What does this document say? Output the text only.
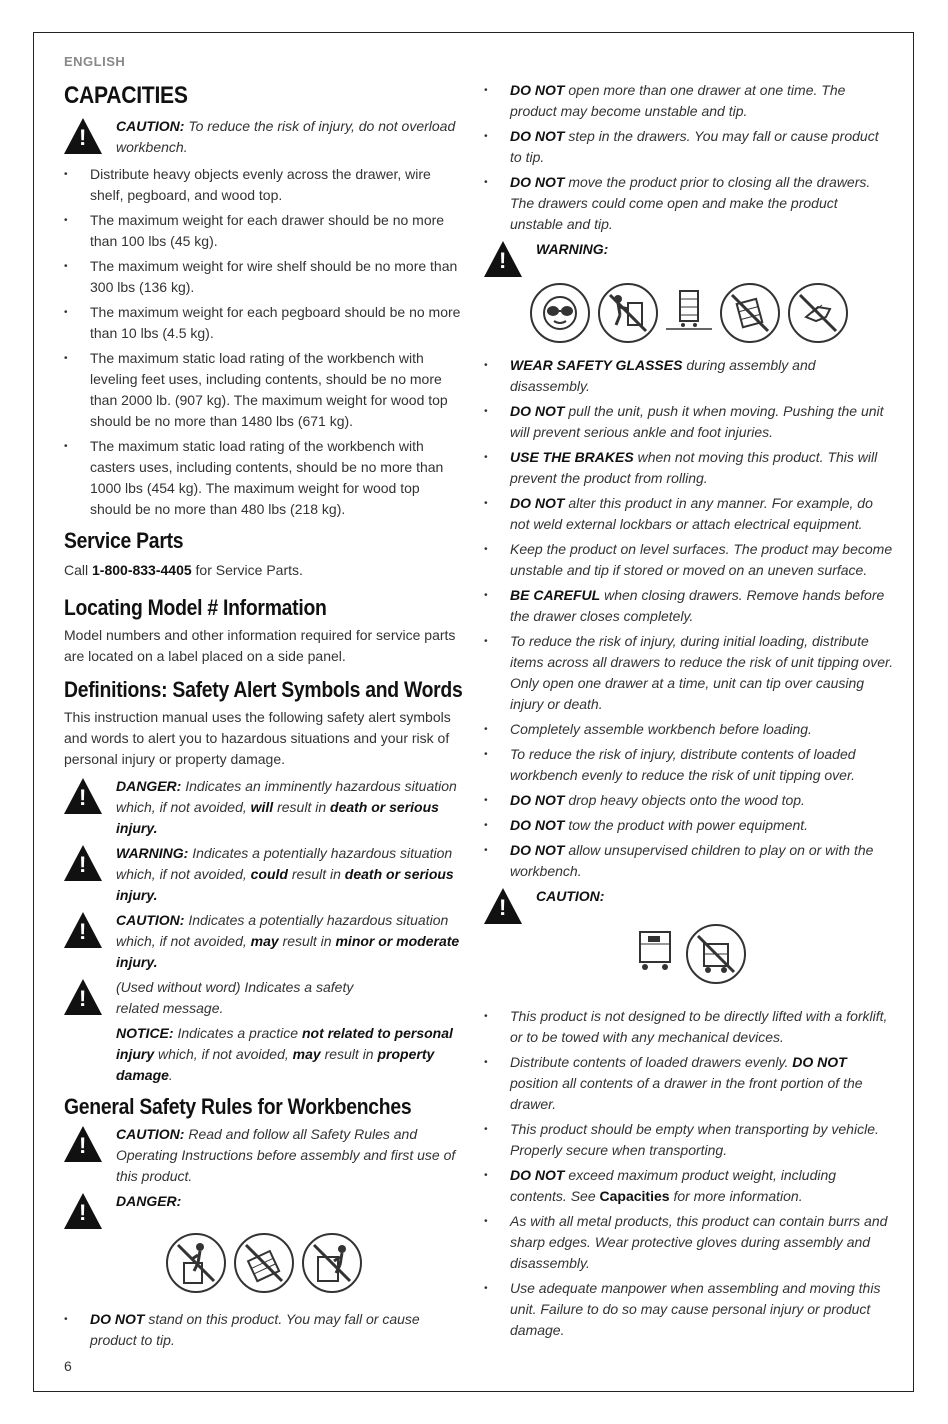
ENGLISH
CAPACITIES
!
CAUTION: To reduce the risk of injury, do not overload workbench.
• Distribute heavy objects evenly across the drawer, wire shelf, pegboard, and wood top.
• The maximum weight for each drawer should be no more than 100 lbs (45 kg).
• The maximum weight for wire shelf should be no more than 300 lbs (136 kg).
• The maximum weight for each pegboard should be no more than 10 lbs (4.5 kg).
• The maximum static load rating of the workbench with leveling feet uses, including contents, should be no more than 2000 lb. (907 kg). The maximum weight for wood top should be no more than 1480 lbs (671 kg).
• The maximum static load rating of the workbench with casters uses, including contents, should be no more than 1000 lbs (454 kg). The maximum weight for wood top should be no more than 480 lbs (218 kg).
Service Parts

Call 1-800-833-4405 for Service Parts.

Locating Model # Information

Model numbers and other information required for service parts are located on a label placed on a side panel.

Definitions: Safety Alert Symbols and Words

This instruction manual uses the following safety alert symbols and words to alert you to hazardous situations and your risk of personal injury or property damage.

!
DANGER: Indicates an imminently hazardous situation which, if not avoided, will result in death or serious injury.
!
WARNING: Indicates a potentially hazardous situation which, if not avoided, could result in death or serious injury.
!
CAUTION: Indicates a potentially hazardous situation which, if not avoided, may result in minor or moderate injury.
!
(Used without word) Indicates a safety related message.
NOTICE: Indicates a practice not related to personal injury which, if not avoided, may result in property damage.
General Safety Rules for Workbenches
!
CAUTION: Read and follow all Safety Rules and Operating Instructions before assembly and first use of this product.
!
DANGER:
• DO NOT stand on this product. You may fall or cause product to tip.
• DO NOT open more than one drawer at one time. The product may become unstable and tip.
• DO NOT step in the drawers. You may fall or cause product to tip.
• DO NOT move the product prior to closing all the drawers. The drawers could come open and make the product unstable and tip.
!
WARNING:
• WEAR SAFETY GLASSES during assembly and disassembly.
• DO NOT pull the unit, push it when moving. Pushing the unit will prevent serious ankle and foot injuries.
• USE THE BRAKES when not moving this product. This will prevent the product from rolling.
• DO NOT alter this product in any manner. For example, do not weld external lockbars or attach electrical equipment.
• Keep the product on level surfaces. The product may become unstable and tip if stored or moved on an uneven surface.
• BE CAREFUL when closing drawers. Remove hands before the drawer closes completely.
• To reduce the risk of injury, during initial loading, distribute items across all drawers to reduce the risk of unit tipping over. Only open one drawer at a time, unit can tip over causing injury or death.
• Completely assemble workbench before loading.
• To reduce the risk of injury, distribute contents of loaded workbench evenly to reduce the risk of unit tipping over.
• DO NOT drop heavy objects onto the wood top.
• DO NOT tow the product with power equipment.
• DO NOT allow unsupervised children to play on or with the workbench.
!
CAUTION:
• This product is not designed to be directly lifted with a forklift, or to be towed with any mechanical devices.
• Distribute contents of loaded drawers evenly. DO NOT position all contents of a drawer in the front portion of the drawer.
• This product should be empty when transporting by vehicle. Properly secure when transporting.
• DO NOT exceed maximum product weight, including contents. See Capacities for more information.
• As with all metal products, this product can contain burrs and sharp edges. Wear protective gloves during assembly and disassembly.
• Use adequate manpower when assembling and moving this unit. Failure to do so may cause personal injury or product damage.
6
